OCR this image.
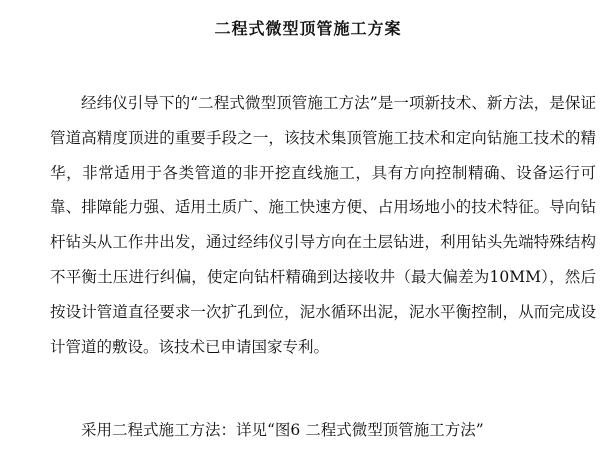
二程式微型顶管施工方案

经纬仪引导下的“二程式微型顶管施工方法”是一项新技术、新方法，是保证管道高精度顶进的重要手段之一，该技术集顶管施工技术和定向钻施工技术的精华，非常适用于各类管道的非开挖直线施工，具有方向控制精确、设备运行可靠、排障能力强、适用土质广、施工快速方便、占用场地小的技术特征。导向钻杆钻头从工作井出发，通过经纬仪引导方向在土层钻进，利用钻头先端特殊结构不平衡土压进行纠偏，使定向钻杆精确到达接收井（最大偏差为10MM），然后按设计管道直径要求一次扩孔到位，泥水循环出泥，泥水平衡控制，从而完成设计管道的敷设。该技术已申请国家专利。

采用二程式施工方法：详见“图6 二程式微型顶管施工方法”
